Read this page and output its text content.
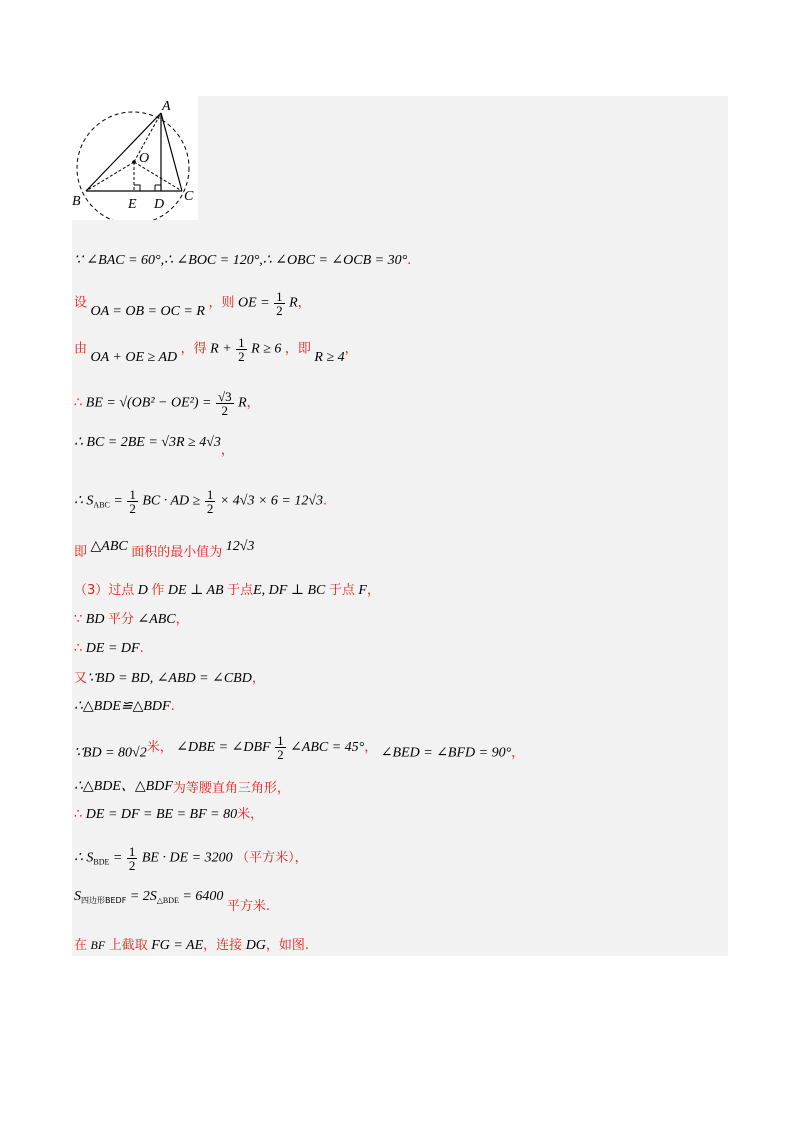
A
B	C
D
E
O
∵ ∠BAC = 60°,∴ ∠BOC = 120°,∴ ∠OBC = ∠OCB = 30°.
设 OA = OB = OC = R ，则 OE = $\frac{1}{2}$ R，
由 OA + OE ≥ AD ，得 $R + \frac{1}{2}$ R ≥ 6 ，即 R ≥ 4，
∴ BE = $√(OB^2 - OE^2) = \frac{√3}{2}$ R，
∴ BC = 2BE = √3R ≥ 4√3，
∴ $S_{ABC} = \frac{1}{2}$ BC · AD ≥ $\frac{1}{2} \times 4√3 \times 6 = 12√3$.
即 △ABC 面积的最小值为 12√3
（3）过点 D 作 DE ⊥ AB 于点E, DF ⊥ BC 于点 F，
∵ BD 平分 ∠ABC，
∴ DE = DF.
又∵BD = BD, ∠ABD = ∠CBD，
∴△BDE≌△BDF.
∵BD = 80√2米， ∠DBE = ∠DBF $\frac{1}{2}$ ∠ABC = 45°， ∠BED = ∠BFD = 90°，
∴△BDE、△BDF为等腰直角三角形，
∴ DE = DF = BE = BF = 80米，
∴ $S_{BDE} = \frac{1}{2}$ BE · DE = 3200 （平方米），
$S_{四边形BEDF} = 2S_{\triangle BDE} = 6400$ 平方米.
在 BF 上截取 FG = AE，连接 DG，如图.
